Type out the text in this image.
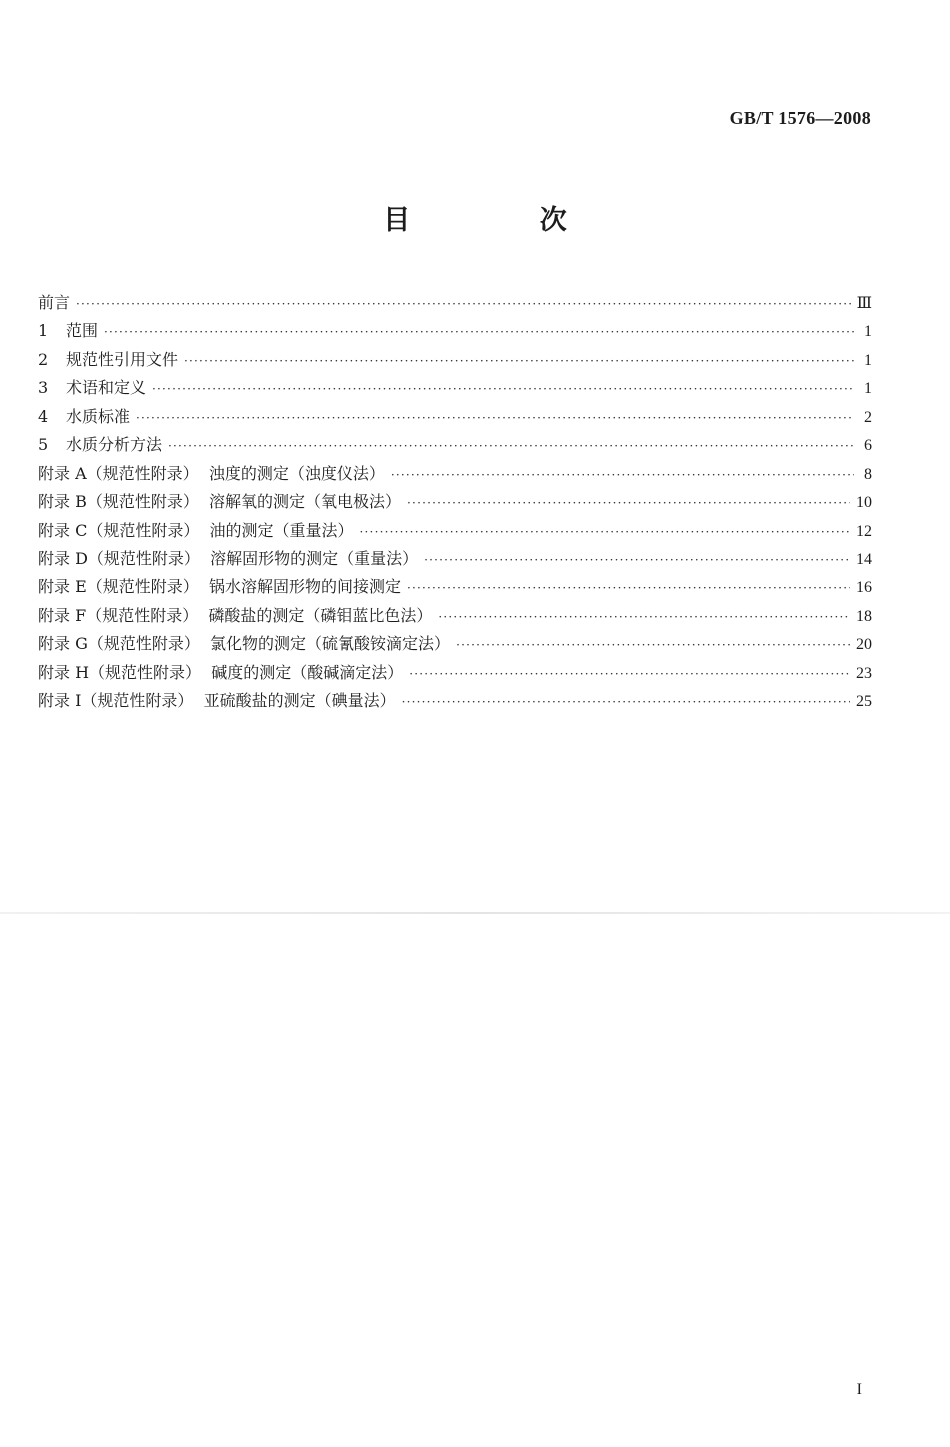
GB/T 1576—2008
目 次
前言 ·····	Ⅲ
1 范围 ·····	1
2 规范性引用文件 ·····	1
3 术语和定义 ·····	1
4 水质标准 ·····	2
5 水质分析方法 ·····	6
附录 A（规范性附录） 浊度的测定（浊度仪法） ·····	8
附录 B（规范性附录） 溶解氧的测定（氧电极法） ·····	10
附录 C（规范性附录） 油的测定（重量法） ·····	12
附录 D（规范性附录） 溶解固形物的测定（重量法） ·····	14
附录 E（规范性附录） 锅水溶解固形物的间接测定 ·····	16
附录 F（规范性附录） 磷酸盐的测定（磷钼蓝比色法） ·····	18
附录 G（规范性附录） 氯化物的测定（硫氰酸铵滴定法） ·····	20
附录 H（规范性附录） 碱度的测定（酸碱滴定法） ·····	23
附录 I（规范性附录） 亚硫酸盐的测定（碘量法） ·····	25
I
